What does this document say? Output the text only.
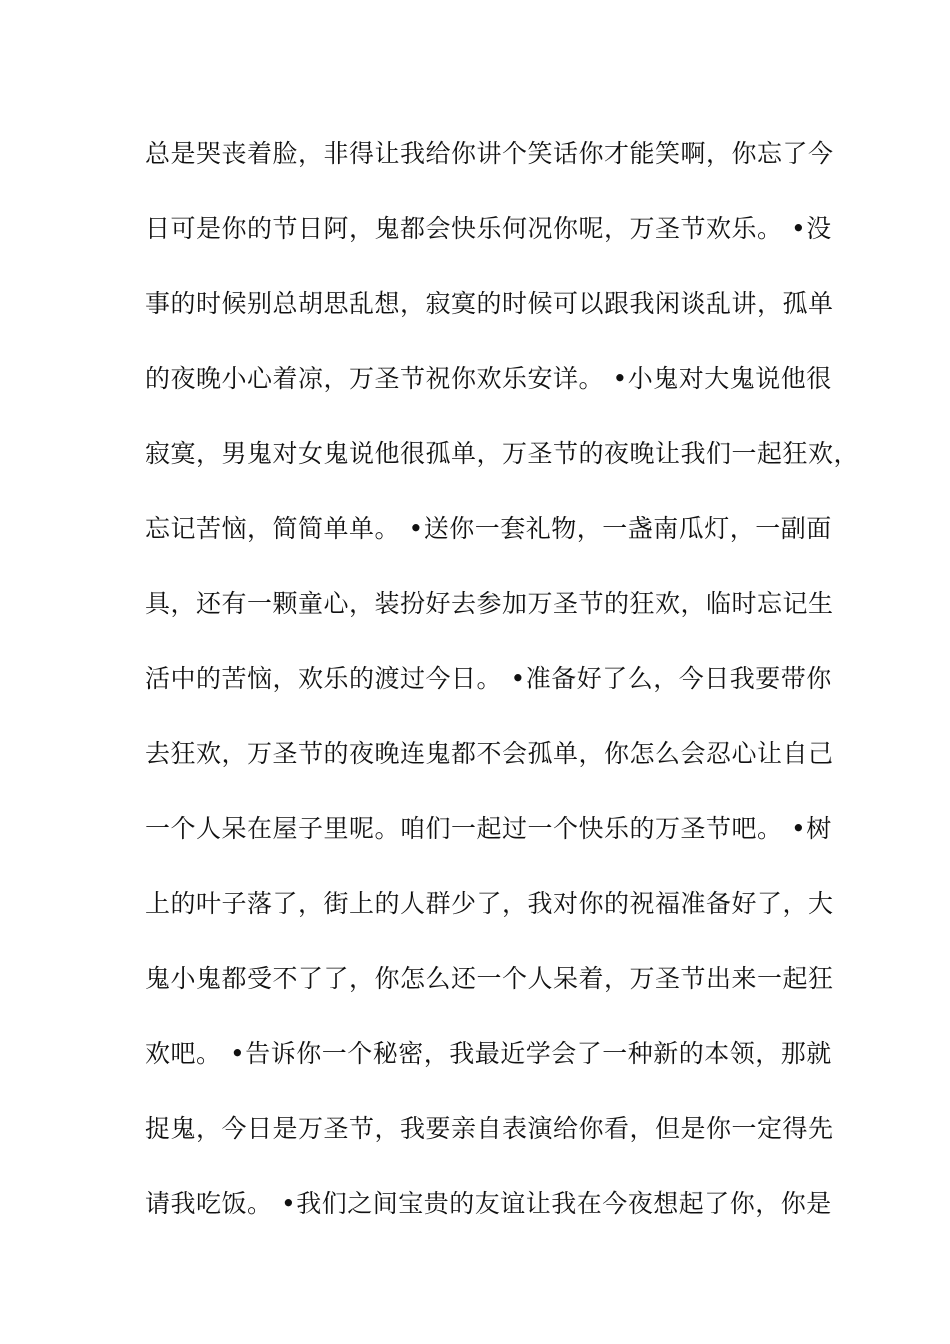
总是哭丧着脸，非得让我给你讲个笑话你才能笑啊，你忘了今
日可是你的节日阿，鬼都会快乐何况你呢，万圣节欢乐。 •没
事的时候别总胡思乱想，寂寞的时候可以跟我闲谈乱讲，孤单
的夜晚小心着凉，万圣节祝你欢乐安详。 •小鬼对大鬼说他很
寂寞，男鬼对女鬼说他很孤单，万圣节的夜晚让我们一起狂欢，
忘记苦恼，简简单单。 •送你一套礼物，一盏南瓜灯，一副面
具，还有一颗童心，装扮好去参加万圣节的狂欢，临时忘记生
活中的苦恼，欢乐的渡过今日。 •准备好了么，今日我要带你
去狂欢，万圣节的夜晚连鬼都不会孤单，你怎么会忍心让自己
一个人呆在屋子里呢。咱们一起过一个快乐的万圣节吧。 •树
上的叶子落了，街上的人群少了，我对你的祝福准备好了，大
鬼小鬼都受不了了，你怎么还一个人呆着，万圣节出来一起狂
欢吧。 •告诉你一个秘密，我最近学会了一种新的本领，那就
捉鬼，今日是万圣节，我要亲自表演给你看，但是你一定得先
请我吃饭。 •我们之间宝贵的友谊让我在今夜想起了你，你是
